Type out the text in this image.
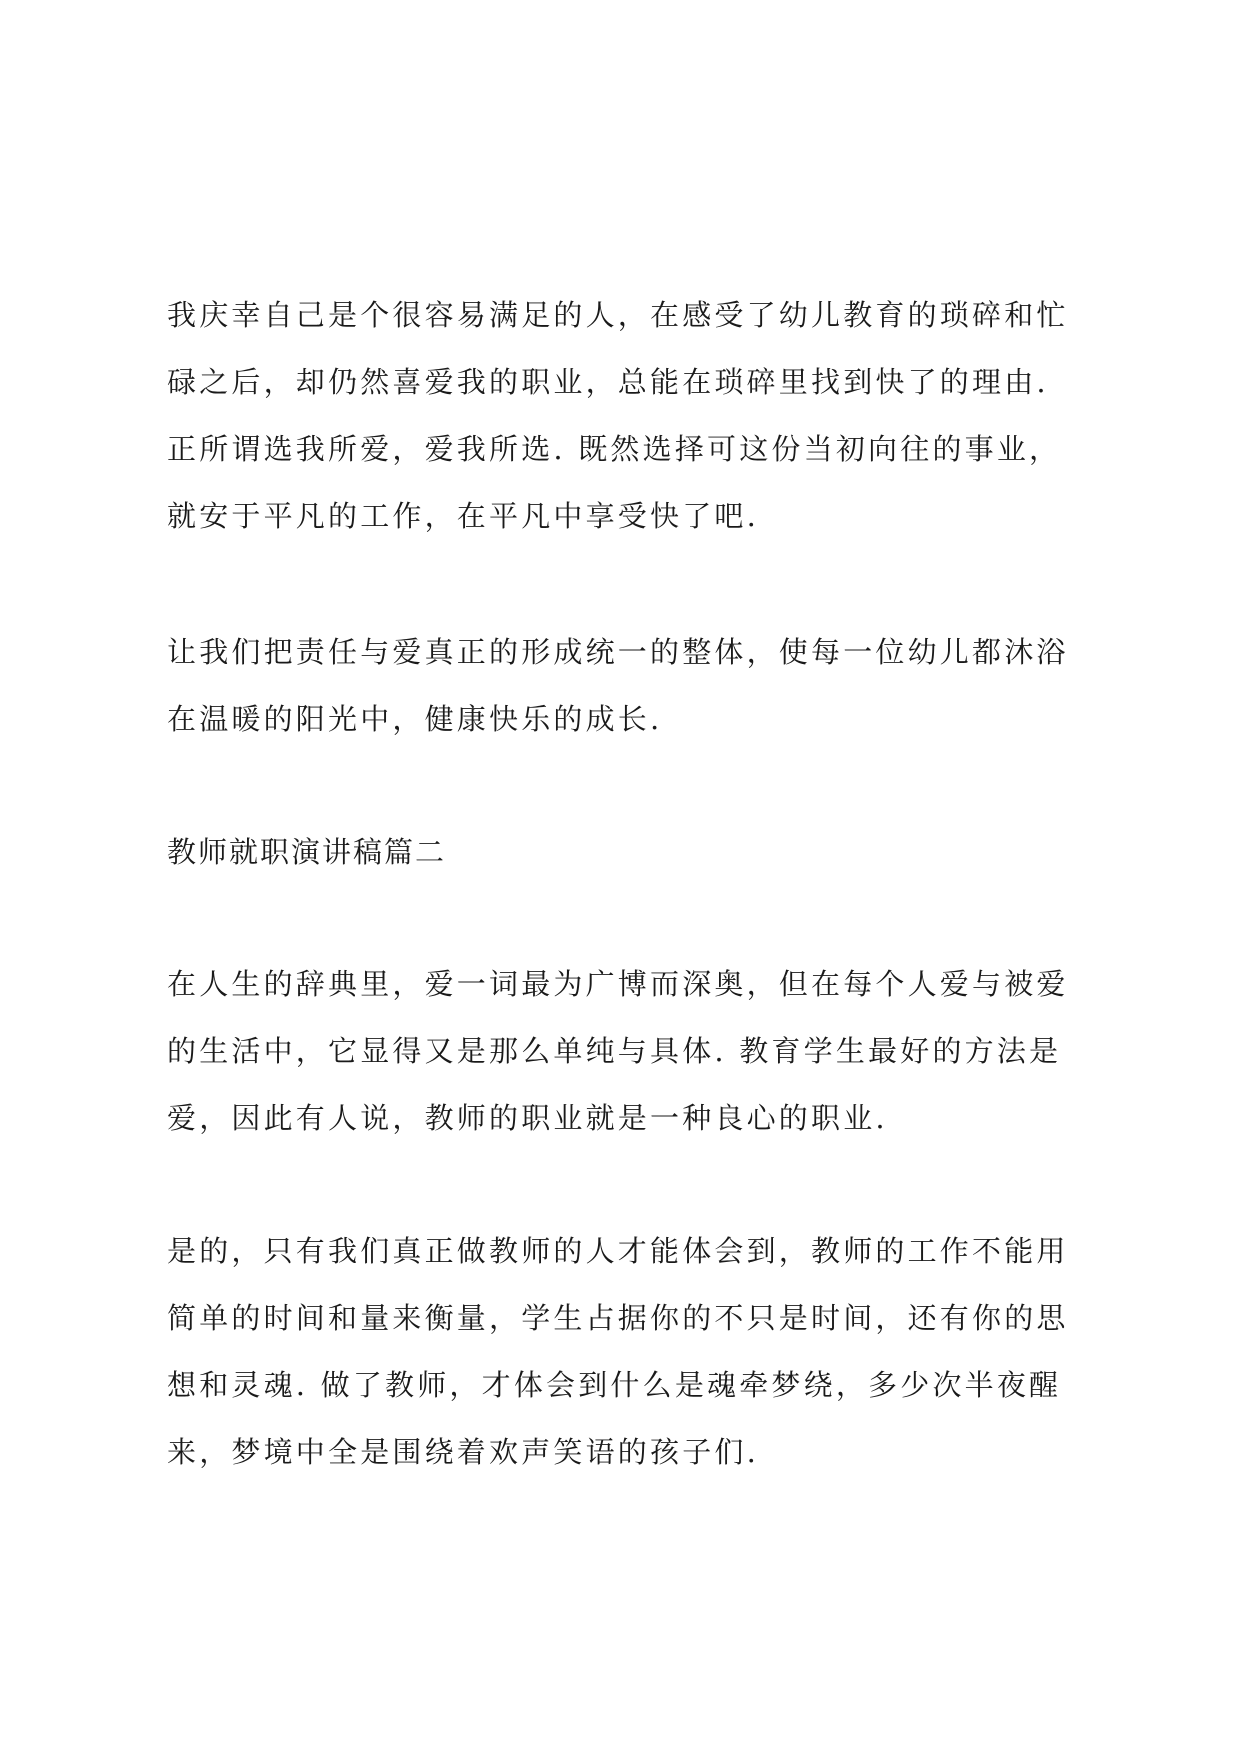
我庆幸自己是个很容易满足的人，在感受了幼儿教育的琐碎和忙
碌之后，却仍然喜爱我的职业，总能在琐碎里找到快了的理由.
正所谓选我所爱，爱我所选. 既然选择可这份当初向往的事业，
就安于平凡的工作，在平凡中享受快了吧.

让我们把责任与爱真正的形成统一的整体，使每一位幼儿都沐浴
在温暖的阳光中，健康快乐的成长.

教师就职演讲稿篇二

在人生的辞典里，爱一词最为广博而深奥，但在每个人爱与被爱
的生活中，它显得又是那么单纯与具体. 教育学生最好的方法是
爱，因此有人说，教师的职业就是一种良心的职业.

是的，只有我们真正做教师的人才能体会到，教师的工作不能用
简单的时间和量来衡量，学生占据你的不只是时间，还有你的思
想和灵魂. 做了教师，才体会到什么是魂牵梦绕，多少次半夜醒
来，梦境中全是围绕着欢声笑语的孩子们.
